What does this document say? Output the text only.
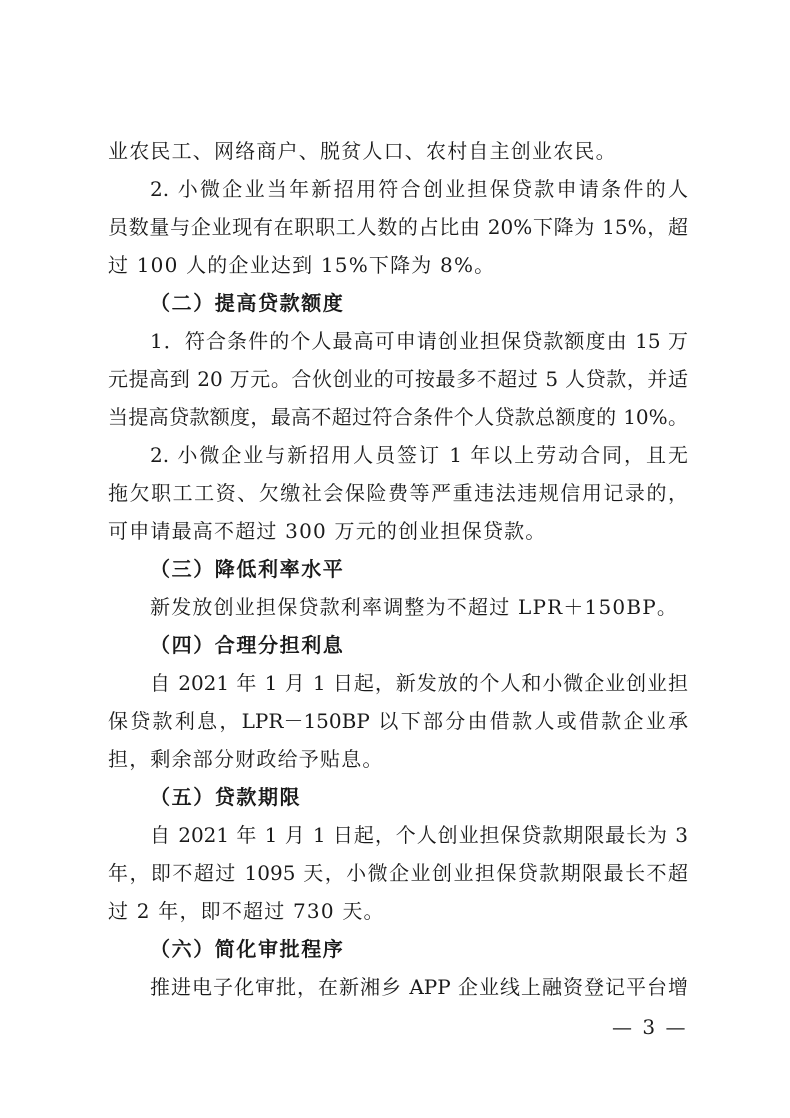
业农民工、网络商户、脱贫人口、农村自主创业农民。
2. 小微企业当年新招用符合创业担保贷款申请条件的人
员数量与企业现有在职职工人数的占比由 20%下降为 15%，超
过 100 人的企业达到 15%下降为 8%。
（二）提高贷款额度
1．符合条件的个人最高可申请创业担保贷款额度由 15 万
元提高到 20 万元。合伙创业的可按最多不超过 5 人贷款，并适
当提高贷款额度，最高不超过符合条件个人贷款总额度的 10%。
2. 小微企业与新招用人员签订 1 年以上劳动合同，且无
拖欠职工工资、欠缴社会保险费等严重违法违规信用记录的，
可申请最高不超过 300 万元的创业担保贷款。
（三）降低利率水平
新发放创业担保贷款利率调整为不超过 LPR＋150BP。
（四）合理分担利息
自 2021 年 1 月 1 日起，新发放的个人和小微企业创业担
保贷款利息，LPR－150BP 以下部分由借款人或借款企业承
担，剩余部分财政给予贴息。
（五）贷款期限
自 2021 年 1 月 1 日起，个人创业担保贷款期限最长为 3
年，即不超过 1095 天，小微企业创业担保贷款期限最长不超
过 2 年，即不超过 730 天。
（六）简化审批程序
推进电子化审批，在新湘乡 APP 企业线上融资登记平台增
— 3 —
